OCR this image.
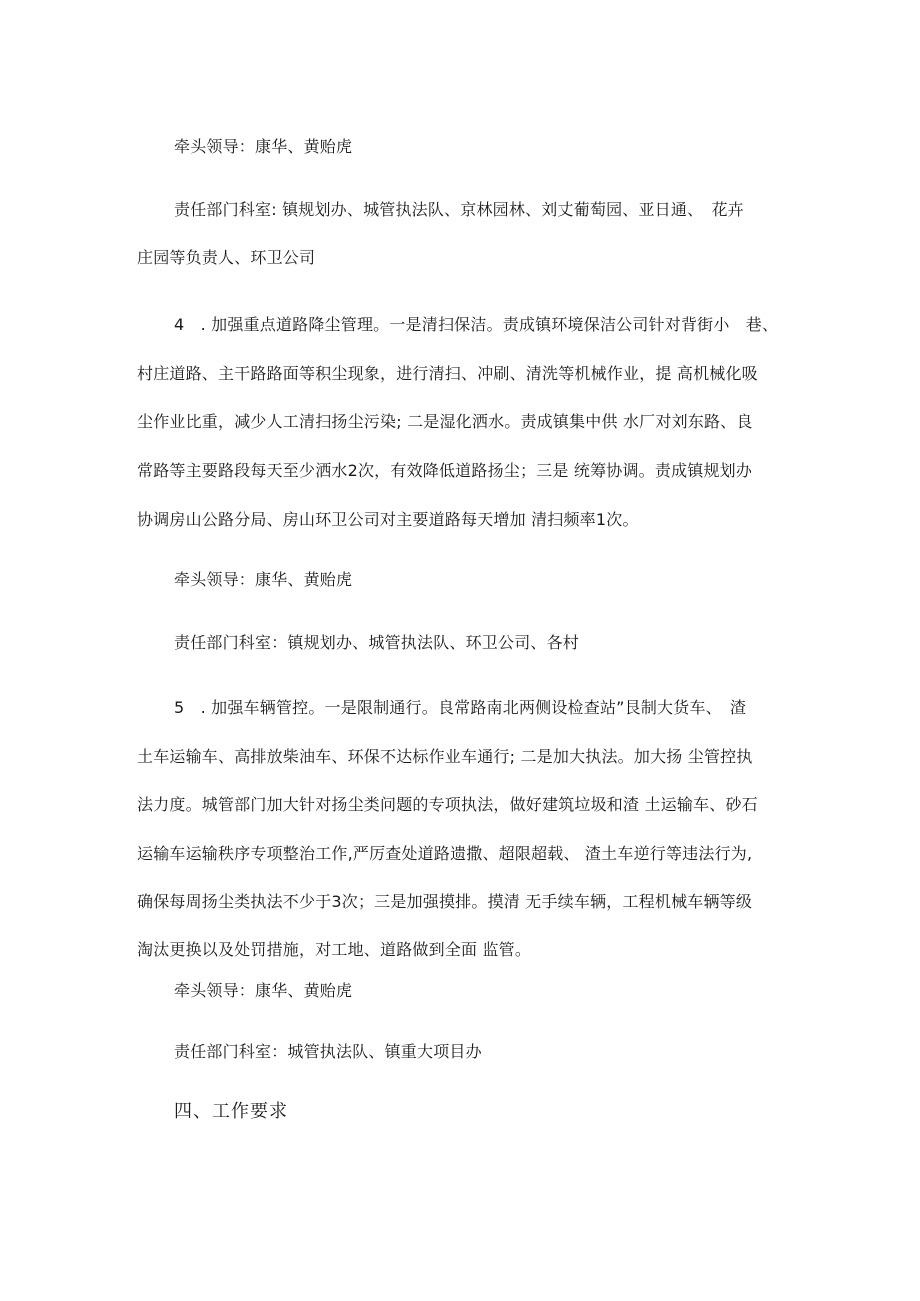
牵头领导：康华、黄贻虎
责任部门科室: 镇规划办、城管执法队、京林园林、刘丈葡萄园、亚日通、　花卉
庄园等负责人、环卫公司
4　. 加强重点道路降尘管理。一是清扫保洁。责成镇环境保洁公司针对背街小　巷、
村庄道路、主干路路面等积尘现象，进行清扫、冲刷、清洗等机械作业，提 高机械化吸
尘作业比重，减少人工清扫扬尘污染; 二是湿化洒水。责成镇集中供 水厂对刘东路、良
常路等主要路段每天至少洒水2次，有效降低道路扬尘；三是 统筹协调。责成镇规划办
协调房山公路分局、房山环卫公司对主要道路每天增加 清扫频率1次。
牵头领导：康华、黄贻虎
责任部门科室：镇规划办、城管执法队、环卫公司、各村
5　. 加强车辆管控。一是限制通行。良常路南北两侧设检查站”艮制大货车、　渣
土车运输车、高排放柴油车、环保不达标作业车通行; 二是加大执法。加大扬 尘管控执
法力度。城管部门加大针对扬尘类问题的专项执法，做好建筑垃圾和渣 土运输车、砂石
运输车运输秩序专项整治工作,严厉查处道路遗撒、超限超载、 渣土车逆行等违法行为,
确保每周扬尘类执法不少于3次；三是加强摸排。摸清 无手续车辆，工程机械车辆等级
淘汰更换以及处罚措施，对工地、道路做到全面 监管。
牵头领导：康华、黄贻虎
责任部门科室：城管执法队、镇重大项目办
四、工作要求
